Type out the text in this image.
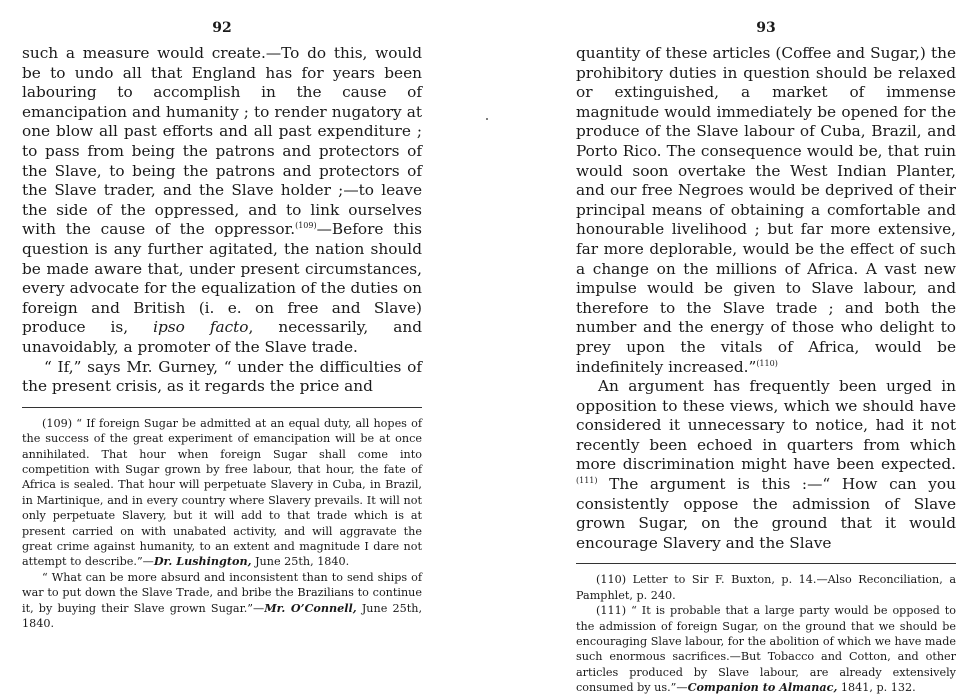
92

such a measure would create.—To do this, would be to undo all that England has for years been labouring to accomplish in the cause of emancipation and humanity ; to render nugatory at one blow all past efforts and all past expenditure ; to pass from being the patrons and protectors of the Slave, to being the patrons and protectors of the Slave trader, and the Slave holder ;—to leave the side of the oppressed, and to link ourselves with the cause of the oppressor.$^{(109)}$—Before this question is any further agitated, the nation should be made aware that, under present circumstances, every advocate for the equalization of the duties on foreign and British (i. e. on free and Slave) produce is, ipso facto, necessarily, and unavoidably, a promoter of the Slave trade.

“ If,” says Mr. Gurney, “ under the difficulties of the present crisis, as it regards the price and

(109) “ If foreign Sugar be admitted at an equal duty, all hopes of the success of the great experiment of emancipation will be at once annihilated. That hour when foreign Sugar shall come into competition with Sugar grown by free labour, that hour, the fate of Africa is sealed. That hour will perpetuate Slavery in Cuba, in Brazil, in Martinique, and in every country where Slavery prevails. It will not only perpetuate Slavery, but it will add to that trade which is at present carried on with unabated activity, and will aggravate the great crime against humanity, to an extent and magnitude I dare not attempt to describe.”—Dr. Lushington, June 25th, 1840.

“ What can be more absurd and inconsistent than to send ships of war to put down the Slave Trade, and bribe the Brazilians to continue it, by buying their Slave grown Sugar.”—Mr. O’Connell, June 25th, 1840.

93

quantity of these articles (Coffee and Sugar,) the prohibitory duties in question should be relaxed or extinguished, a market of immense magnitude would immediately be opened for the produce of the Slave labour of Cuba, Brazil, and Porto Rico. The consequence would be, that ruin would soon overtake the West Indian Planter, and our free Negroes would be deprived of their principal means of obtaining a comfortable and honourable livelihood ; but far more extensive, far more deplorable, would be the effect of such a change on the millions of Africa. A vast new impulse would be given to Slave labour, and therefore to the Slave trade ; and both the number and the energy of those who delight to prey upon the vitals of Africa, would be indefinitely increased.”$^{(110)}$

An argument has frequently been urged in opposition to these views, which we should have considered it unnecessary to notice, had it not recently been echoed in quarters from which more discrimination might have been expected.$^{(111)}$ The argument is this :—“ How can you consistently oppose the admission of Slave grown Sugar, on the ground that it would encourage Slavery and the Slave

(110) Letter to Sir F. Buxton, p. 14.—Also Reconciliation, a Pamphlet, p. 240.

(111) “ It is probable that a large party would be opposed to the admission of foreign Sugar, on the ground that we should be encouraging Slave labour, for the abolition of which we have made such enormous sacrifices.—But Tobacco and Cotton, and other articles produced by Slave labour, are already extensively consumed by us.”—Companion to Almanac, 1841, p. 132.
